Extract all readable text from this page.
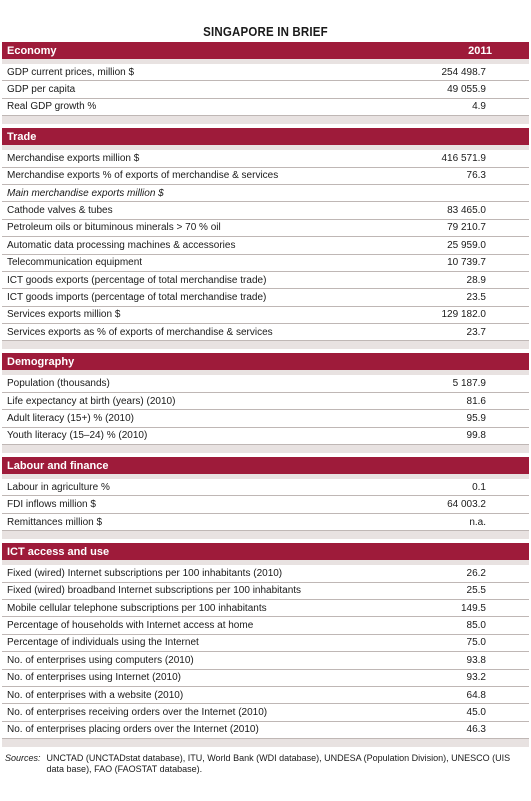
SINGAPORE IN BRIEF
Economy	2011
GDP current prices, million $	254 498.7
GDP per capita	49 055.9
Real GDP growth %	4.9
Trade
Merchandise exports million $	416 571.9
Merchandise exports % of exports of merchandise & services	76.3
Main merchandise exports million $
Cathode valves & tubes	83 465.0
Petroleum oils or bituminous minerals > 70 % oil	79 210.7
Automatic data processing machines & accessories	25 959.0
Telecommunication equipment	10 739.7
ICT goods exports (percentage of total merchandise trade)	28.9
ICT goods imports (percentage of total merchandise trade)	23.5
Services exports million $	129 182.0
Services exports as % of exports of merchandise & services	23.7
Demography
Population (thousands)	5 187.9
Life expectancy at birth (years) (2010)	81.6
Adult literacy (15+) % (2010)	95.9
Youth literacy (15–24) % (2010)	99.8
Labour and finance
Labour in agriculture %	0.1
FDI inflows million $	64 003.2
Remittances million $	n.a.
ICT access and use
Fixed (wired) Internet subscriptions per 100 inhabitants (2010)	26.2
Fixed (wired) broadband Internet subscriptions per 100 inhabitants	25.5
Mobile cellular telephone subscriptions per 100 inhabitants	149.5
Percentage of households with Internet access at home	85.0
Percentage of individuals using the Internet	75.0
No. of enterprises using computers (2010)	93.8
No. of enterprises using Internet (2010)	93.2
No. of enterprises with a website (2010)	64.8
No. of enterprises receiving orders over the Internet (2010)	45.0
No. of enterprises placing orders over the Internet (2010)	46.3
Sources: UNCTAD (UNCTADstat database), ITU, World Bank (WDI database), UNDESA (Population Division), UNESCO (UIS data base), FAO (FAOSTAT database).
